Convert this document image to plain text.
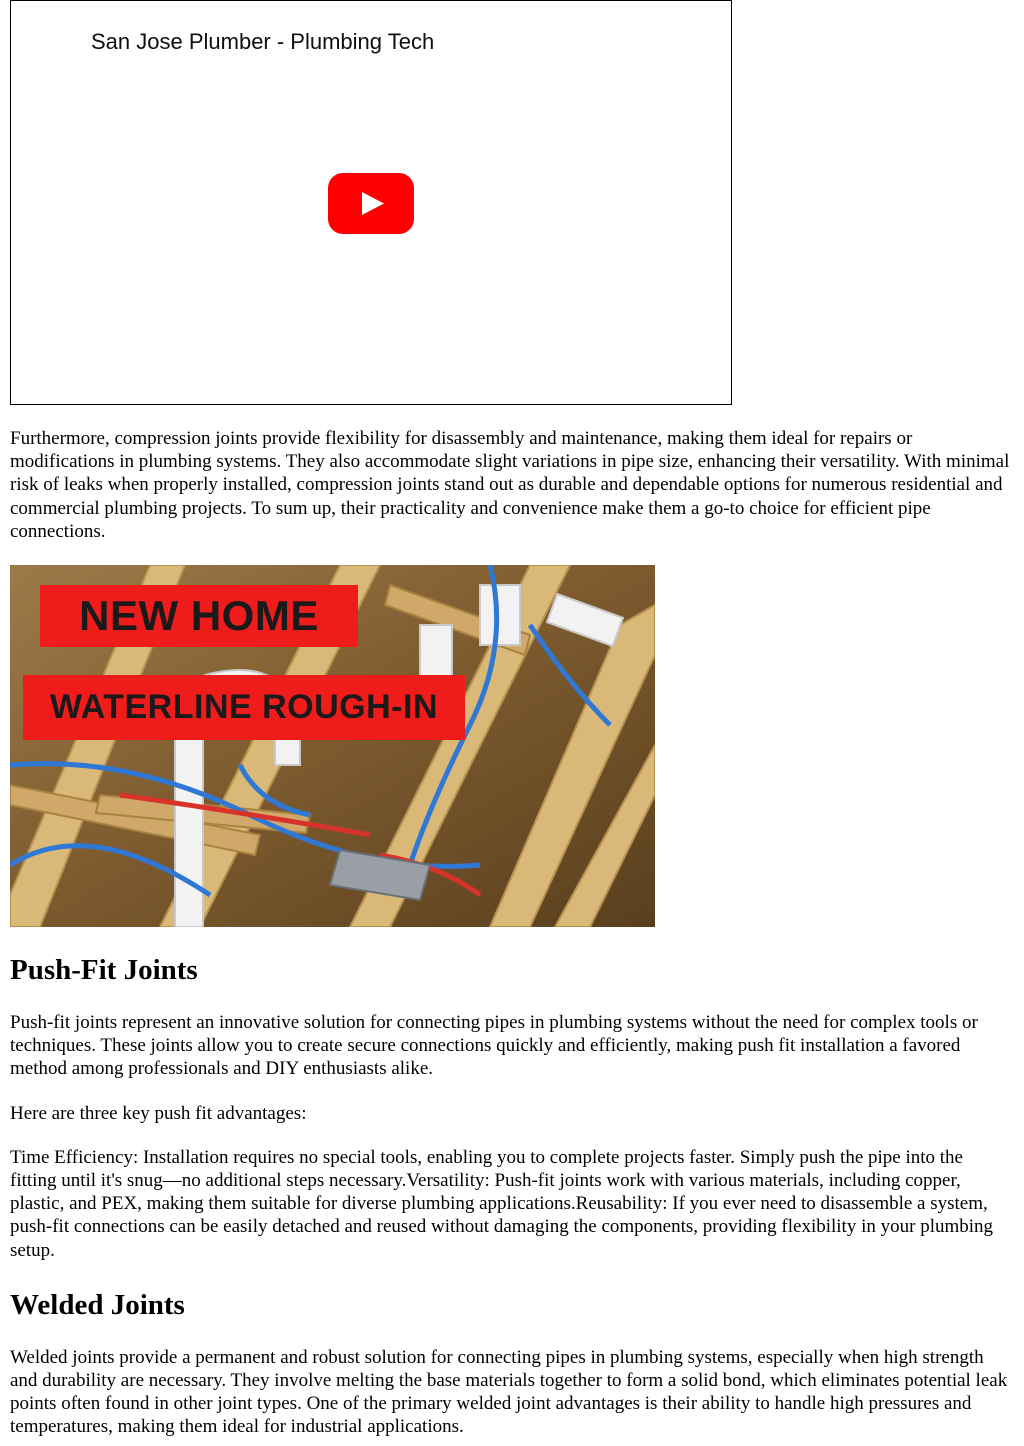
San Jose Plumber - Plumbing Tech

Furthermore, compression joints provide flexibility for disassembly and maintenance, making them ideal for repairs or modifications in plumbing systems. They also accommodate slight variations in pipe size, enhancing their versatility. With minimal risk of leaks when properly installed, compression joints stand out as durable and dependable options for numerous residential and commercial plumbing projects. To sum up, their practicality and convenience make them a go-to choice for efficient pipe connections.

NEW HOME
WATERLINE ROUGH-IN
Push-Fit Joints

Push-fit joints represent an innovative solution for connecting pipes in plumbing systems without the need for complex tools or techniques. These joints allow you to create secure connections quickly and efficiently, making push fit installation a favored method among professionals and DIY enthusiasts alike.

Here are three key push fit advantages:

Time Efficiency: Installation requires no special tools, enabling you to complete projects faster. Simply push the pipe into the fitting until it's snug—no additional steps necessary.Versatility: Push-fit joints work with various materials, including copper, plastic, and PEX, making them suitable for diverse plumbing applications.Reusability: If you ever need to disassemble a system, push-fit connections can be easily detached and reused without damaging the components, providing flexibility in your plumbing setup.

Welded Joints

Welded joints provide a permanent and robust solution for connecting pipes in plumbing systems, especially when high strength and durability are necessary. They involve melting the base materials together to form a solid bond, which eliminates potential leak points often found in other joint types. One of the primary welded joint advantages is their ability to handle high pressures and temperatures, making them ideal for industrial applications.
